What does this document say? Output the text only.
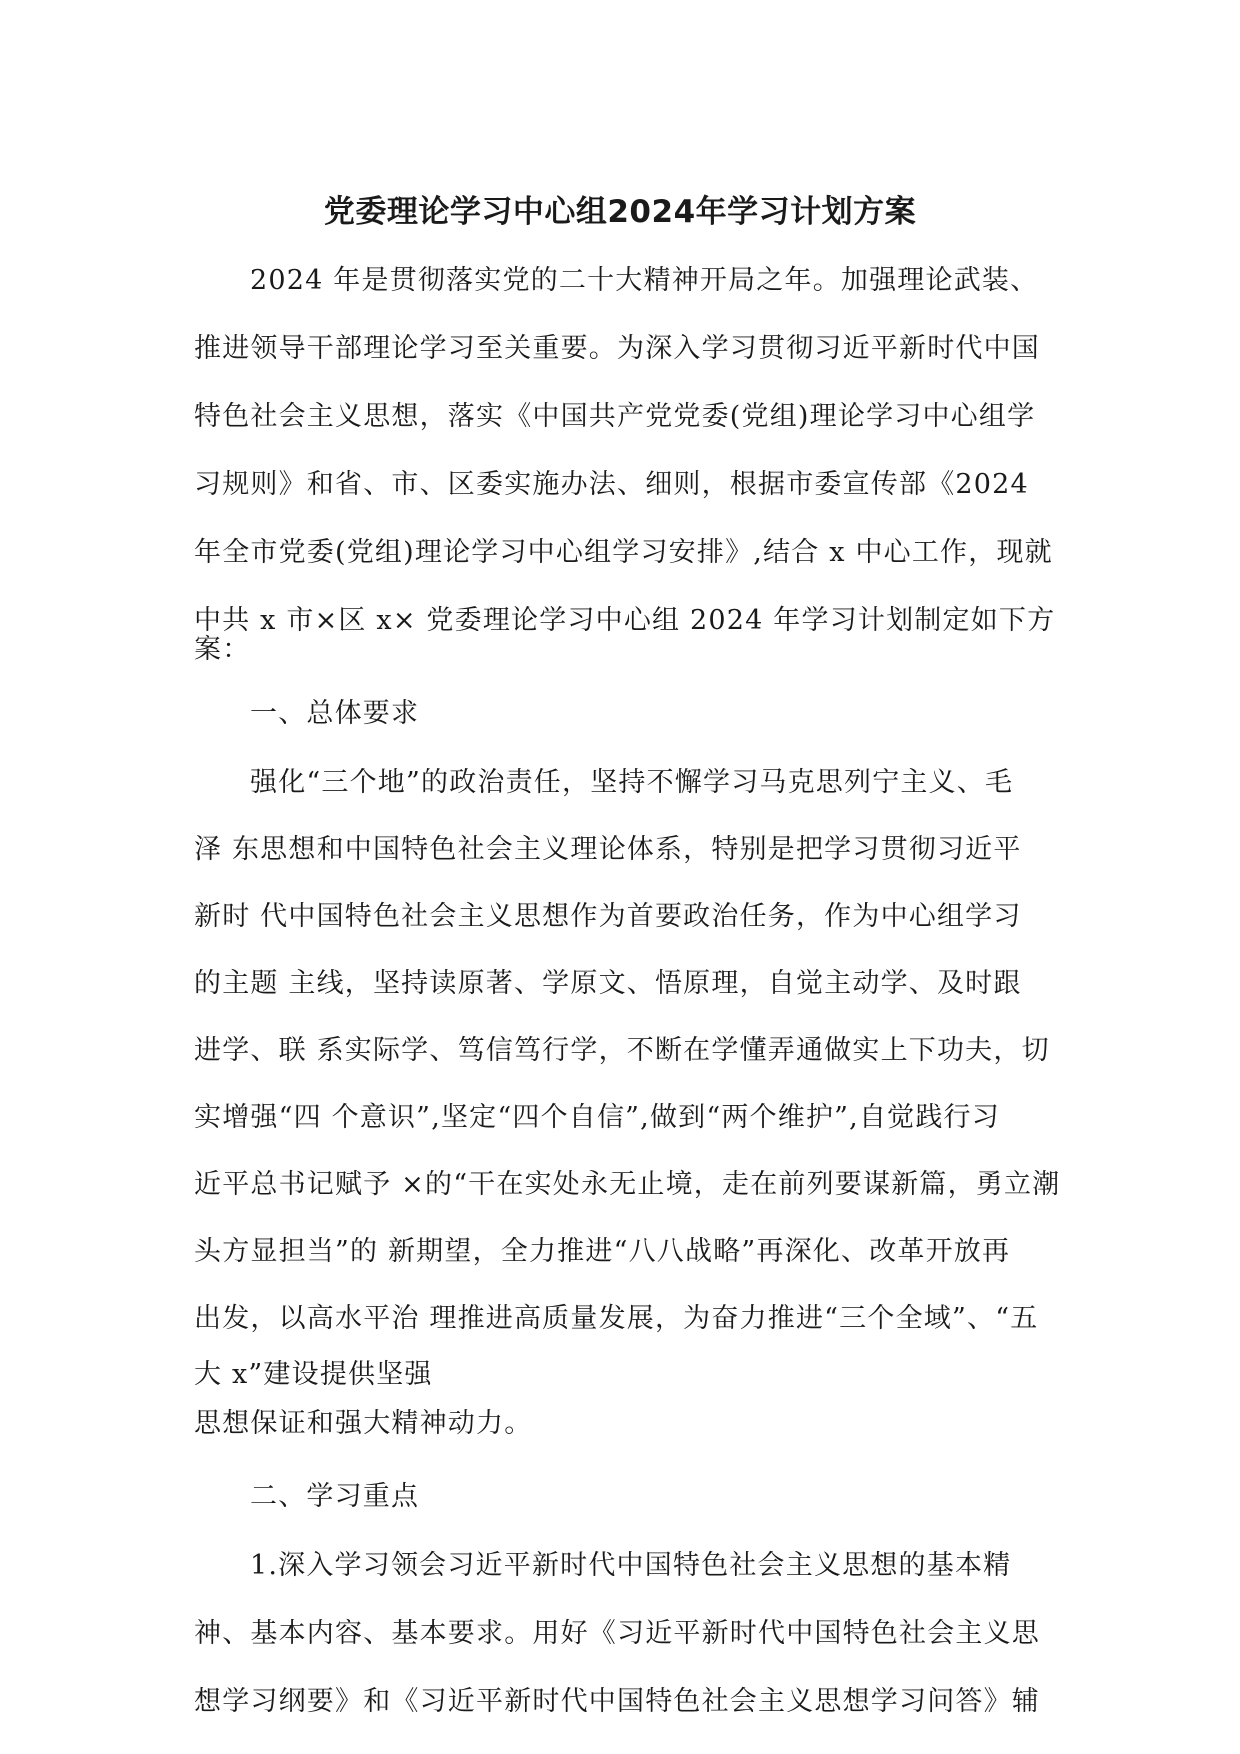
党委理论学习中心组2024年学习计划方案
2024 年是贯彻落实党的二十大精神开局之年。加强理论武装、
推进领导干部理论学习至关重要。为深入学习贯彻习近平新时代中国
特色社会主义思想，落实《中国共产党党委(党组)理论学习中心组学
习规则》和省、市、区委实施办法、细则，根据市委宣传部《2024
年全市党委(党组)理论学习中心组学习安排》,结合 x 中心工作，现就
中共 x 市×区 x× 党委理论学习中心组 2024 年学习计划制定如下方
案：
一、总体要求
强化“三个地”的政治责任，坚持不懈学习马克思列宁主义、毛
泽 东思想和中国特色社会主义理论体系，特别是把学习贯彻习近平
新时 代中国特色社会主义思想作为首要政治任务，作为中心组学习
的主题 主线，坚持读原著、学原文、悟原理，自觉主动学、及时跟
进学、联 系实际学、笃信笃行学，不断在学懂弄通做实上下功夫，切
实增强“四 个意识”,坚定“四个自信”,做到“两个维护”,自觉践行习
近平总书记赋予 ×的“干在实处永无止境，走在前列要谋新篇，勇立潮
头方显担当”的 新期望，全力推进“八八战略”再深化、改革开放再
出发，以高水平治 理推进高质量发展，为奋力推进“三个全域”、“五
大 x”建设提供坚强
思想保证和强大精神动力。
二、学习重点
1.深入学习领会习近平新时代中国特色社会主义思想的基本精
神、基本内容、基本要求。用好《习近平新时代中国特色社会主义思
想学习纲要》和《习近平新时代中国特色社会主义思想学习问答》辅
